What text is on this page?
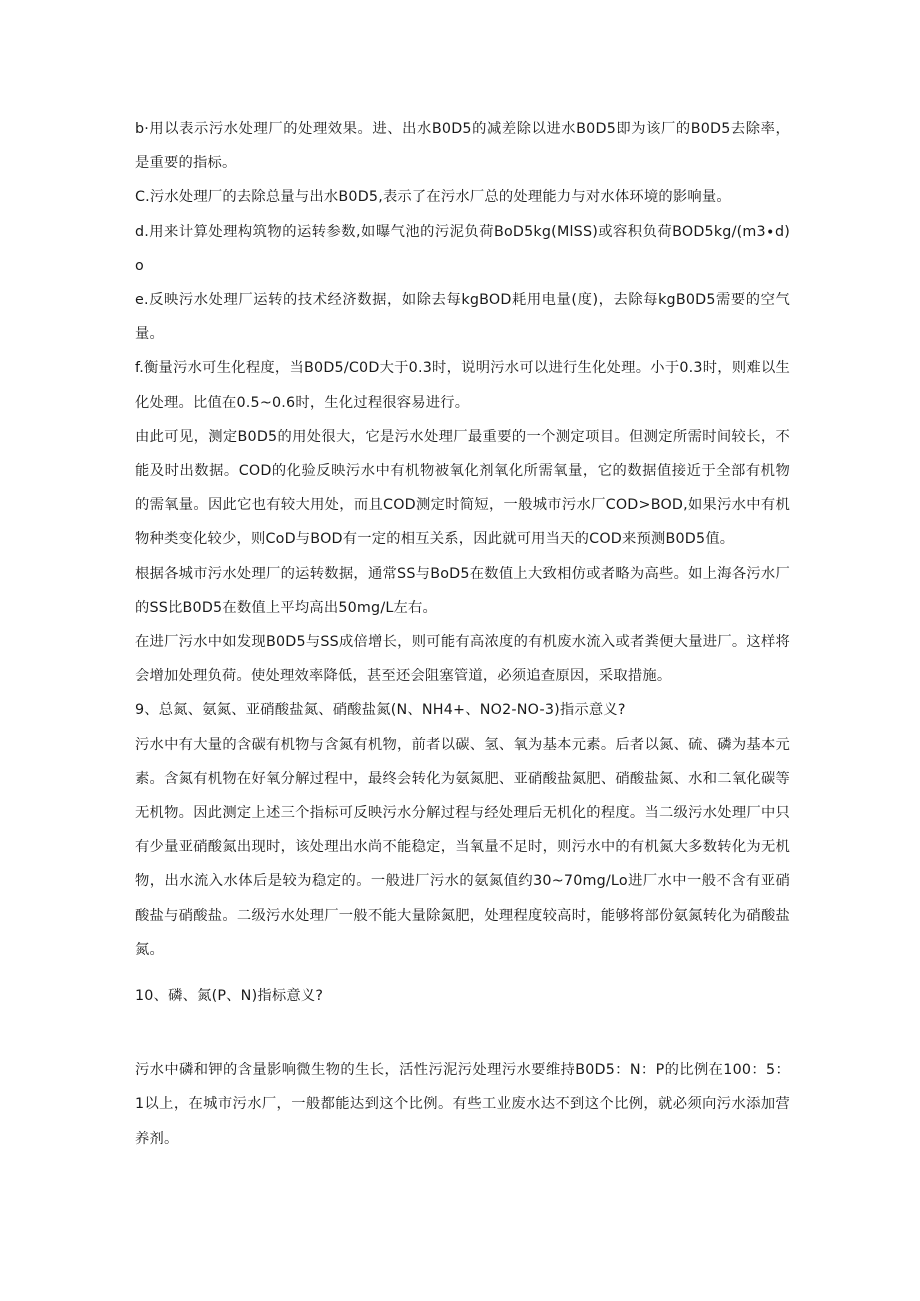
b·用以表示污水处理厂的处理效果。进、出水B0D5的减差除以进水B0D5即为该厂的B0D5去除率，是重要的指标。

C.污水处理厂的去除总量与出水B0D5,表示了在污水厂总的处理能力与对水体环境的影响量。

d.用来计算处理构筑物的运转参数,如曝气池的污泥负荷BoD5kg(MlSS)或容积负荷BOD5kg∕(m3∙d)o

e.反映污水处理厂运转的技术经济数据，如除去每kgBOD耗用电量(度)，去除每kgB0D5需要的空气量。

f.衡量污水可生化程度，当B0D5/C0D大于0.3时，说明污水可以进行生化处理。小于0.3时，则难以生化处理。比值在0.5~0.6时，生化过程很容易进行。

由此可见，测定B0D5的用处很大，它是污水处理厂最重要的一个测定项目。但测定所需时间较长，不能及时出数据。COD的化验反映污水中有机物被氧化剂氧化所需氧量，它的数据值接近于全部有机物的需氧量。因此它也有较大用处，而且COD测定时简短，一般城市污水厂COD>BOD,如果污水中有机物种类变化较少，则CoD与BOD有一定的相互关系，因此就可用当天的COD来预测B0D5值。

根据各城市污水处理厂的运转数据，通常SS与BoD5在数值上大致相仿或者略为高些。如上海各污水厂的SS比B0D5在数值上平均高出50mg∕L左右。

在进厂污水中如发现B0D5与SS成倍增长，则可能有高浓度的有机废水流入或者粪便大量进厂。这样将会增加处理负荷。使处理效率降低，甚至还会阻塞管道，必须追查原因，采取措施。

9、总氮、氨氮、亚硝酸盐氮、硝酸盐氮(N、NH4+、NO2-NO-3)指示意义?

污水中有大量的含碳有机物与含氮有机物，前者以碳、氢、氧为基本元素。后者以氮、硫、磷为基本元素。含氮有机物在好氧分解过程中，最终会转化为氨氮肥、亚硝酸盐氮肥、硝酸盐氮、水和二氧化碳等无机物。因此测定上述三个指标可反映污水分解过程与经处理后无机化的程度。当二级污水处理厂中只有少量亚硝酸氮出现时，该处理出水尚不能稳定，当氧量不足时，则污水中的有机氮大多数转化为无机物，出水流入水体后是较为稳定的。一般进厂污水的氨氮值约30~70mg∕Lo进厂水中一般不含有亚硝酸盐与硝酸盐。二级污水处理厂一般不能大量除氮肥，处理程度较高时，能够将部份氨氮转化为硝酸盐氮。

10、磷、氮(P、N)指标意义?

污水中磷和钾的含量影响微生物的生长，活性污泥污处理污水要维持B0D5：N：P的比例在100：5：1以上，在城市污水厂，一般都能达到这个比例。有些工业废水达不到这个比例，就必须向污水添加营养剂。
